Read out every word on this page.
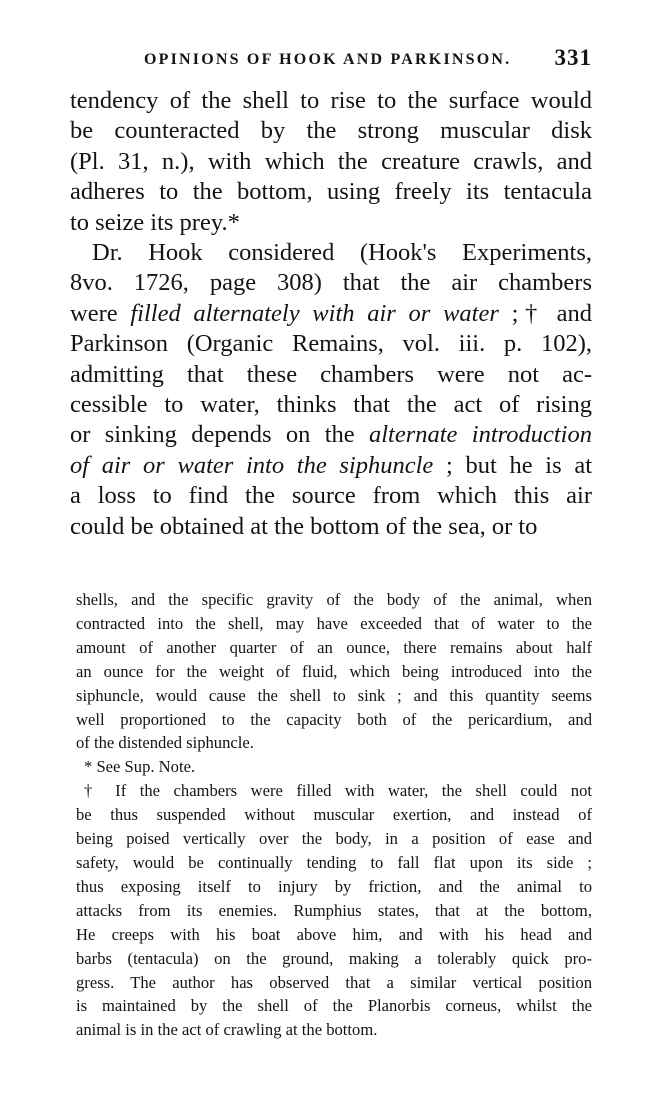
OPINIONS OF HOOK AND PARKINSON. 331
tendency of the shell to rise to the surface would
be counteracted by the strong muscular disk
(Pl. 31, n.), with which the creature crawls, and
adheres to the bottom, using freely its tentacula
to seize its prey.*
Dr. Hook considered (Hook's Experiments,
8vo. 1726, page 308) that the air chambers
were filled alternately with air or water ;† and
Parkinson (Organic Remains, vol. iii. p. 102),
admitting that these chambers were not ac-
cessible to water, thinks that the act of rising
or sinking depends on the alternate introduction
of air or water into the siphuncle ; but he is at
a loss to find the source from which this air
could be obtained at the bottom of the sea, or to
shells, and the specific gravity of the body of the animal, when
contracted into the shell, may have exceeded that of water to the
amount of another quarter of an ounce, there remains about half
an ounce for the weight of fluid, which being introduced into the
siphuncle, would cause the shell to sink ; and this quantity seems
well proportioned to the capacity both of the pericardium, and
of the distended siphuncle.
* See Sup. Note.
† If the chambers were filled with water, the shell could not
be thus suspended without muscular exertion, and instead of
being poised vertically over the body, in a position of ease and
safety, would be continually tending to fall flat upon its side ;
thus exposing itself to injury by friction, and the animal to
attacks from its enemies. Rumphius states, that at the bottom,
He creeps with his boat above him, and with his head and
barbs (tentacula) on the ground, making a tolerably quick pro-
gress. The author has observed that a similar vertical position
is maintained by the shell of the Planorbis corneus, whilst the
animal is in the act of crawling at the bottom.
